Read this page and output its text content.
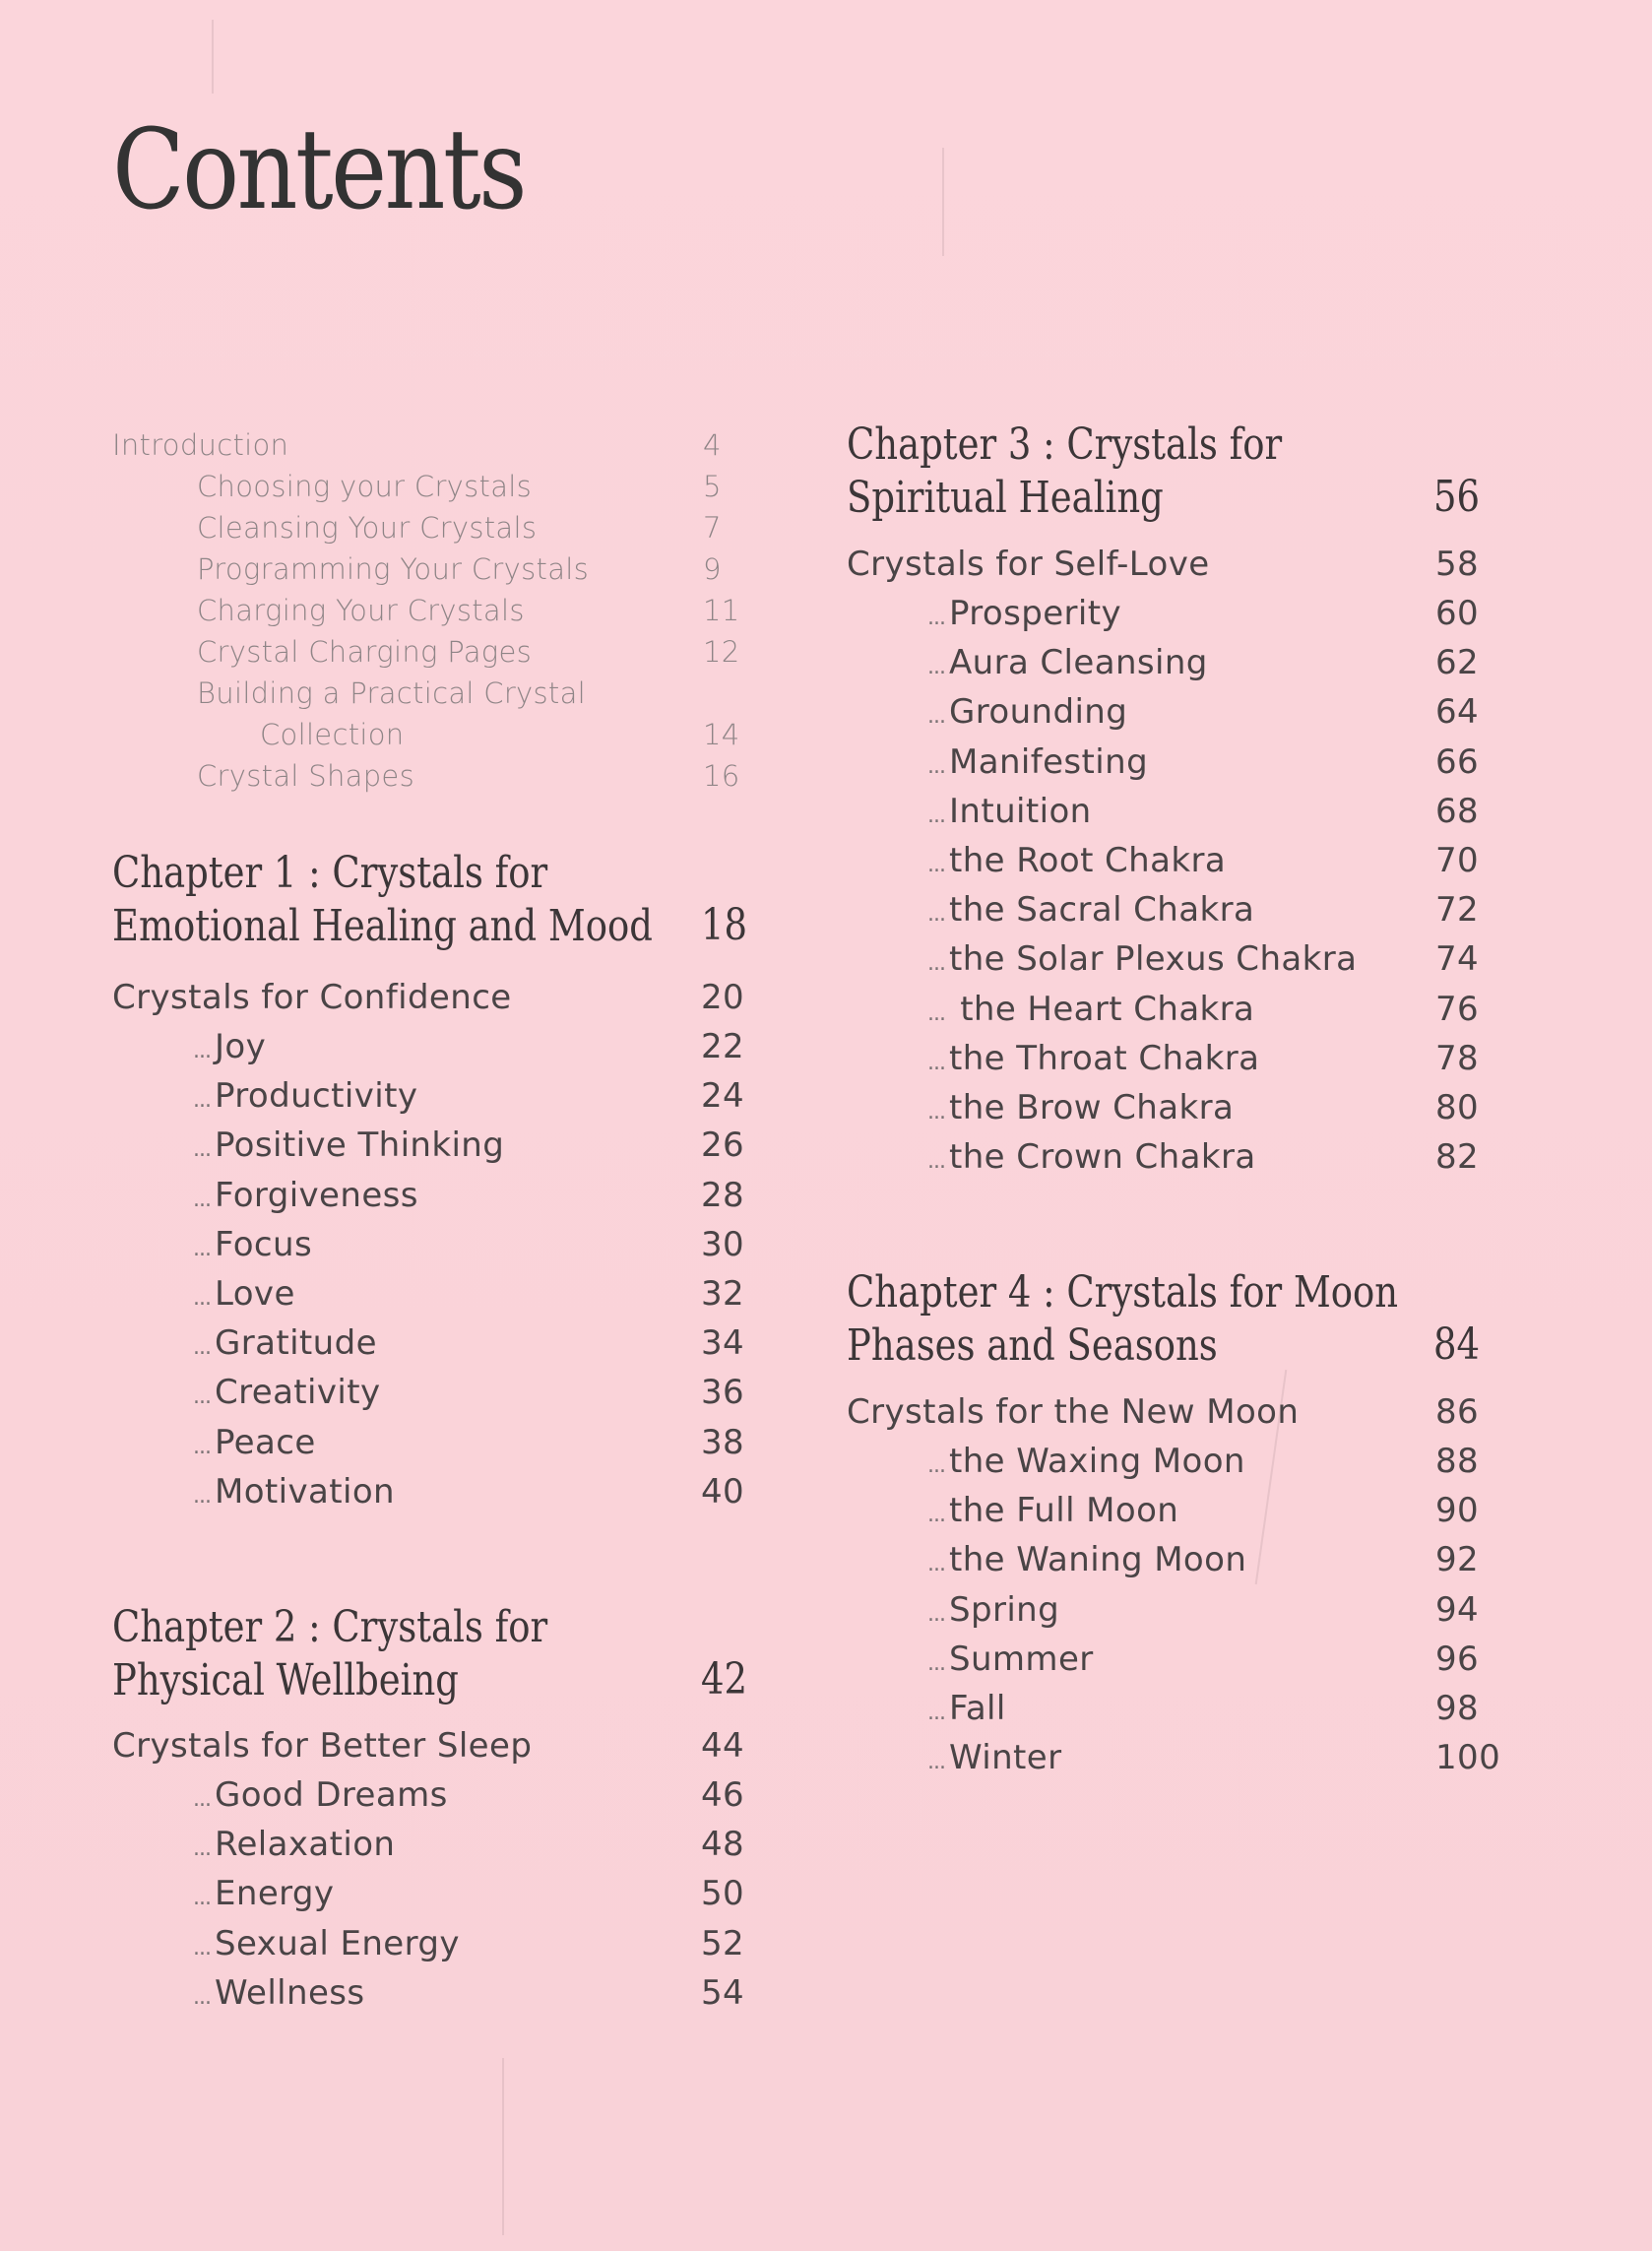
Contents
Introduction	4
Choosing your Crystals	5
Cleansing Your Crystals	7
Programming Your Crystals	9
Charging Your Crystals	11
Crystal Charging Pages	12
Building a Practical Crystal
Collection	14
Crystal Shapes	16
Chapter 1 : Crystals for
Emotional Healing and Mood 18
Crystals for Confidence	20
... Joy	22
... Productivity	24
... Positive Thinking	26
... Forgiveness	28
... Focus	30
... Love	32
... Gratitude	34
... Creativity	36
... Peace	38
... Motivation	40
Chapter 2 : Crystals for
Physical Wellbeing	42
Crystals for Better Sleep	44
... Good Dreams	46
... Relaxation	48
... Energy	50
... Sexual Energy	52
... Wellness	54
Chapter 3 : Crystals for
Spiritual Healing	56
Crystals for Self-Love	58
... Prosperity	60
... Aura Cleansing	62
... Grounding	64
... Manifesting	66
... Intuition	68
... the Root Chakra	70
... the Sacral Chakra	72
... the Solar Plexus Chakra 74
... the Heart Chakra	76
... the Throat Chakra	78
... the Brow Chakra	80
... the Crown Chakra	82
Chapter 4 : Crystals for Moon
Phases and Seasons	84
Crystals for the New Moon	86
... the Waxing Moon	88
... the Full Moon	90
... the Waning Moon	92
... Spring	94
... Summer	96
... Fall	98
... Winter	100
